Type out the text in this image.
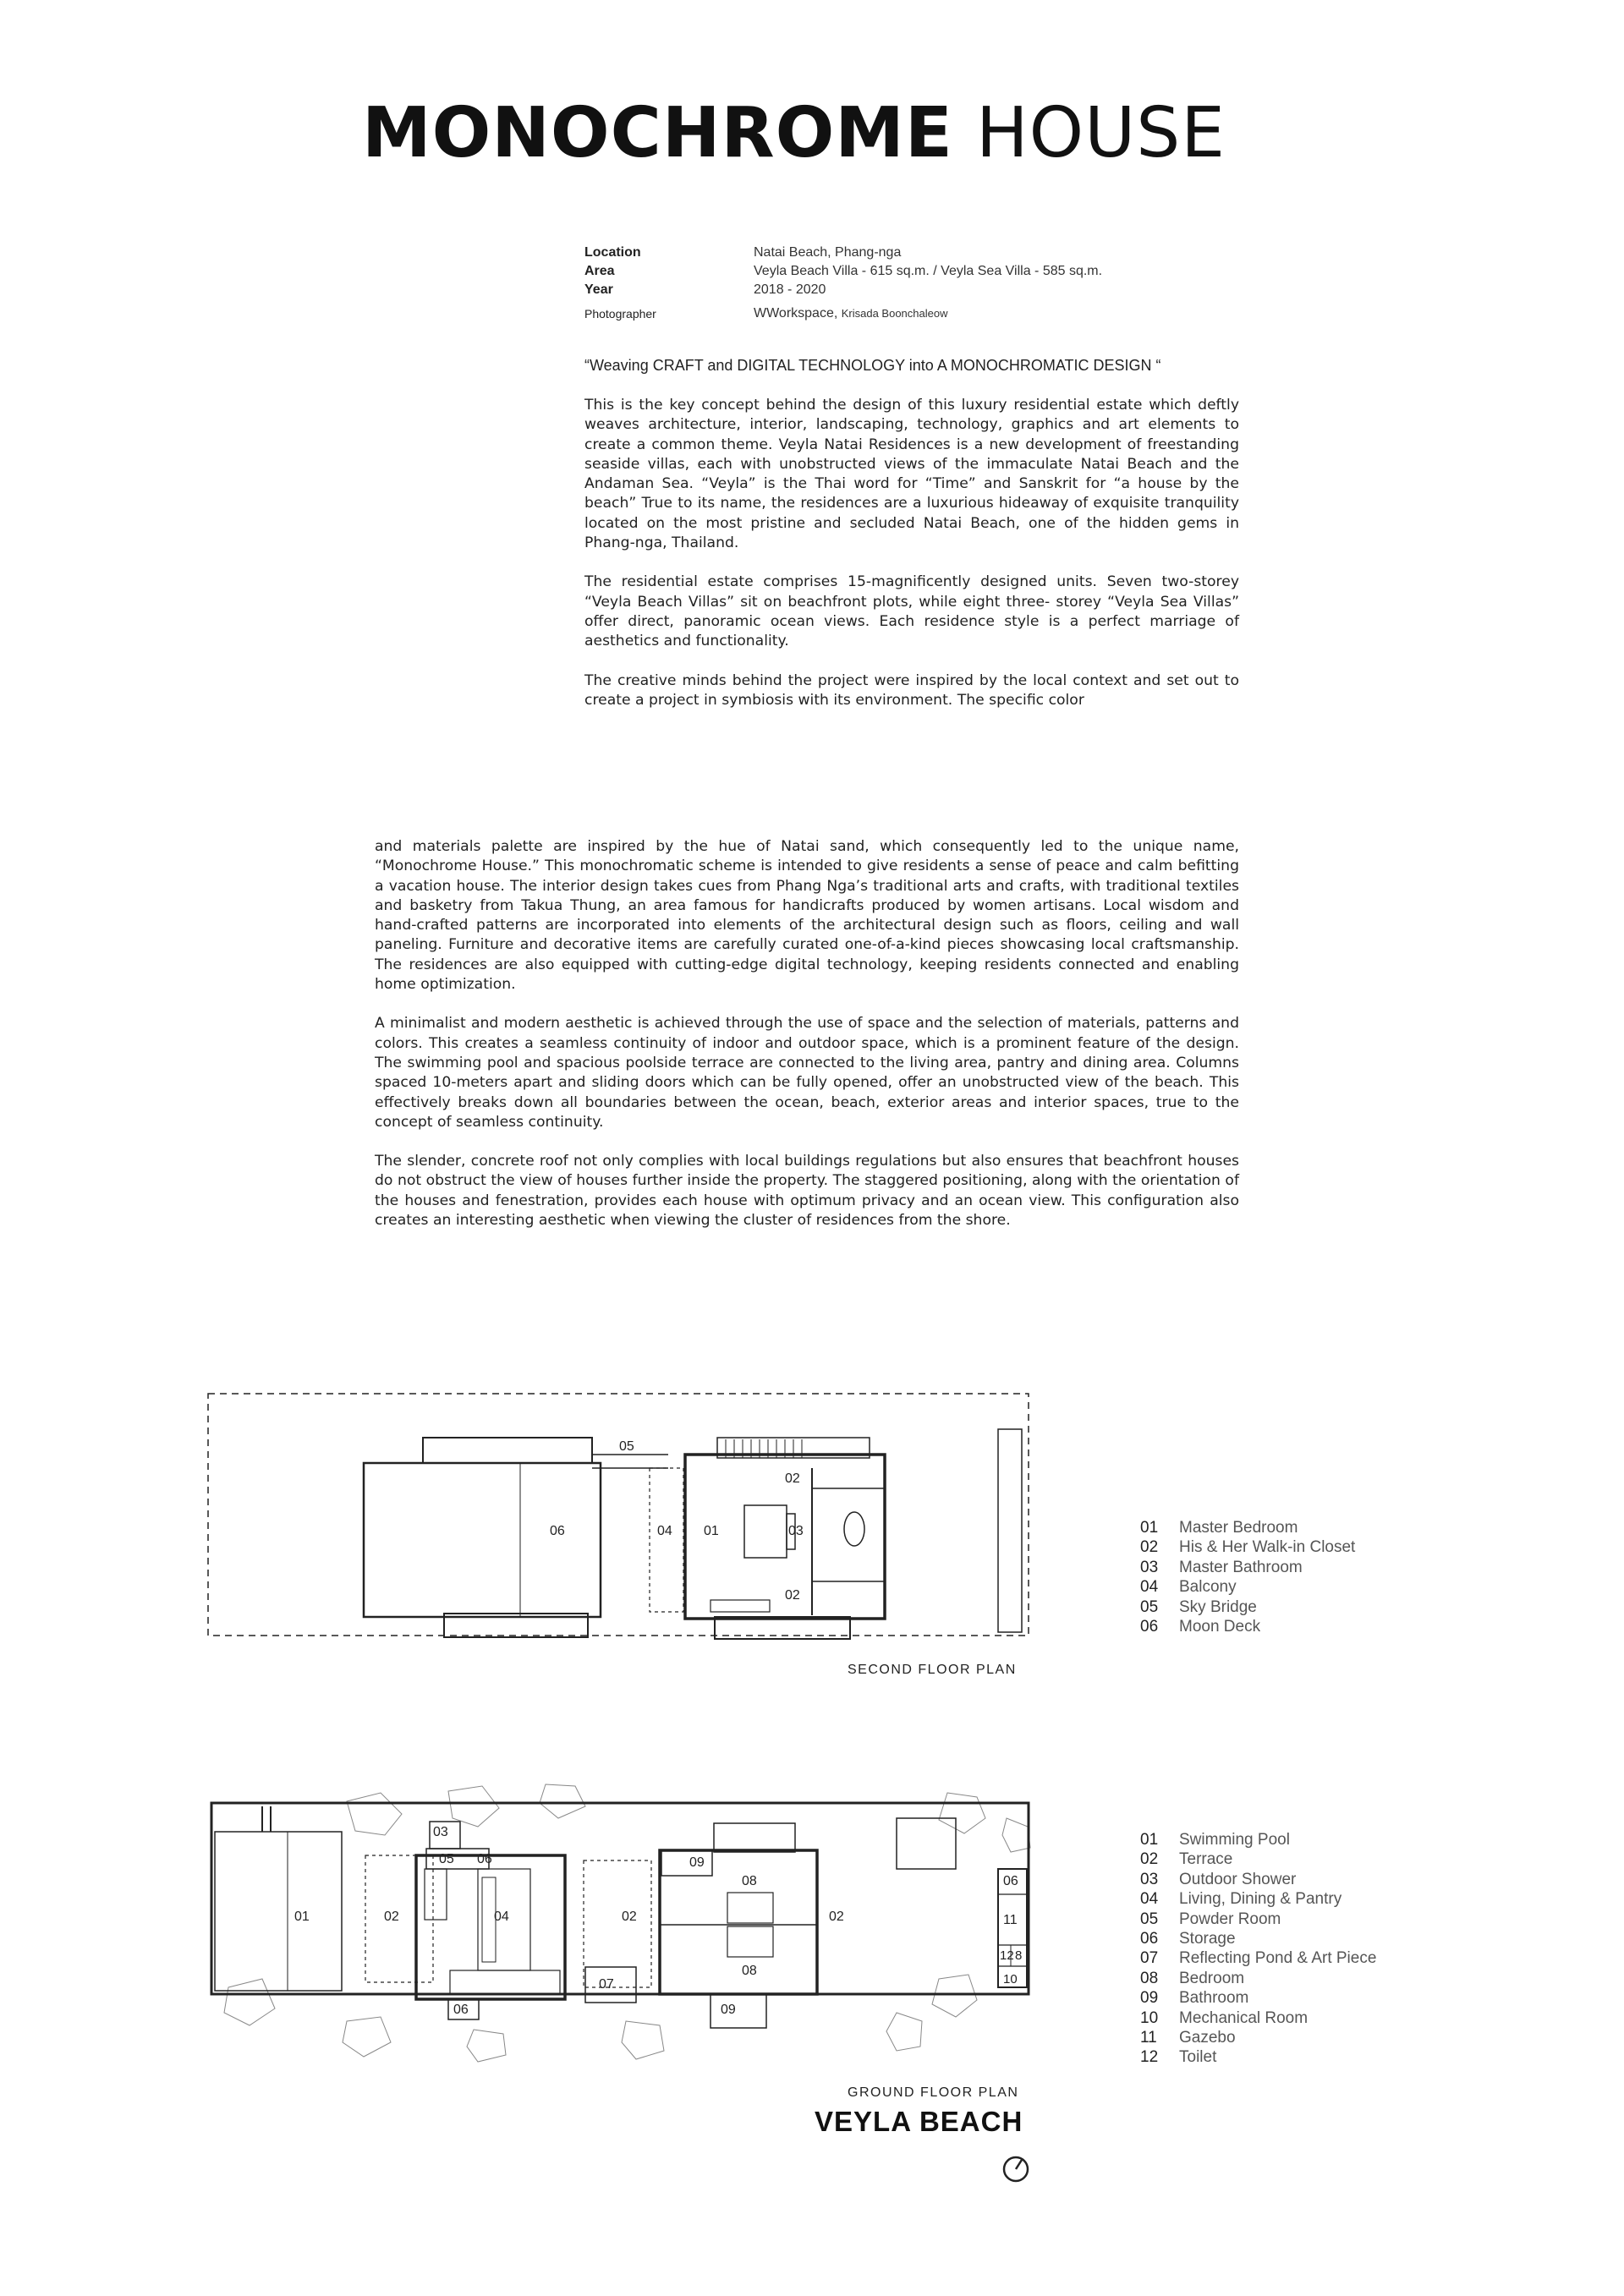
MONOCHROME HOUSE
Location	Natai Beach, Phang-nga
Area	Veyla Beach Villa - 615 sq.m. / Veyla Sea Villa - 585 sq.m.
Year	2018 - 2020
Photographer	WWorkspace, Krisada Boonchaleow
“Weaving CRAFT and DIGITAL TECHNOLOGY into A MONOCHROMATIC DESIGN “

This is the key concept behind the design of this luxury residential estate which deftly weaves architecture, interior, landscaping, technology, graphics and art elements to create a common theme. Veyla Natai Residences is a new development of freestanding seaside villas, each with unobstructed views of the immaculate Natai Beach and the Andaman Sea. “Veyla” is the Thai word for “Time” and Sanskrit for “a house by the beach” True to its name, the residences are a luxurious hideaway of exquisite tranquility located on the most pristine and secluded Natai Beach, one of the hidden gems in Phang-nga, Thailand.

The residential estate comprises 15-magnificently designed units. Seven two-storey “Veyla Beach Villas” sit on beachfront plots, while eight three- storey “Veyla Sea Villas” offer direct, panoramic ocean views. Each residence style is a perfect marriage of aesthetics and functionality.

The creative minds behind the project were inspired by the local context and set out to create a project in symbiosis with its environment. The specific color

and materials palette are inspired by the hue of Natai sand, which consequently led to the unique name, “Monochrome House.” This monochromatic scheme is intended to give residents a sense of peace and calm befitting a vacation house. The interior design takes cues from Phang Nga’s traditional arts and crafts, with traditional textiles and basketry from Takua Thung, an area famous for handicrafts produced by women artisans. Local wisdom and hand-crafted patterns are incorporated into elements of the architectural design such as floors, ceiling and wall paneling. Furniture and decorative items are carefully curated one-of-a-kind pieces showcasing local craftsmanship. The residences are also equipped with cutting-edge digital technology, keeping residents connected and enabling home optimization.

A minimalist and modern aesthetic is achieved through the use of space and the selection of materials, patterns and colors. This creates a seamless continuity of indoor and outdoor space, which is a prominent feature of the design. The swimming pool and spacious poolside terrace are connected to the living area, pantry and dining area. Columns spaced 10-meters apart and sliding doors which can be fully opened, offer an unobstructed view of the beach. This effectively breaks down all boundaries between the ocean, beach, exterior areas and interior spaces, true to the concept of seamless continuity.

The slender, concrete roof not only complies with local buildings regulations but also ensures that beachfront houses do not obstruct the view of houses further inside the property. The staggered positioning, along with the orientation of the houses and fenestration, provides each house with optimum privacy and an ocean view. This configuration also creates an interesting aesthetic when viewing the cluster of residences from the shore.

06
05
04 01	03
02
02
01	Master Bedroom
02	His & Her Walk-in Closet
03	Master Bathroom
04	Balcony
05	Sky Bridge
06	Moon Deck
SECOND FLOOR PLAN
01	02	02	02
03
04
05 06
06
07
08
08
09
09
06
11
12 8
10
01	Swimming Pool
02	Terrace
03	Outdoor Shower
04	Living, Dining & Pantry
05	Powder Room
06	Storage
07	Reflecting Pond & Art Piece
08	Bedroom
09	Bathroom
10	Mechanical Room
11	Gazebo
12	Toilet
GROUND FLOOR PLAN
VEYLA BEACH
